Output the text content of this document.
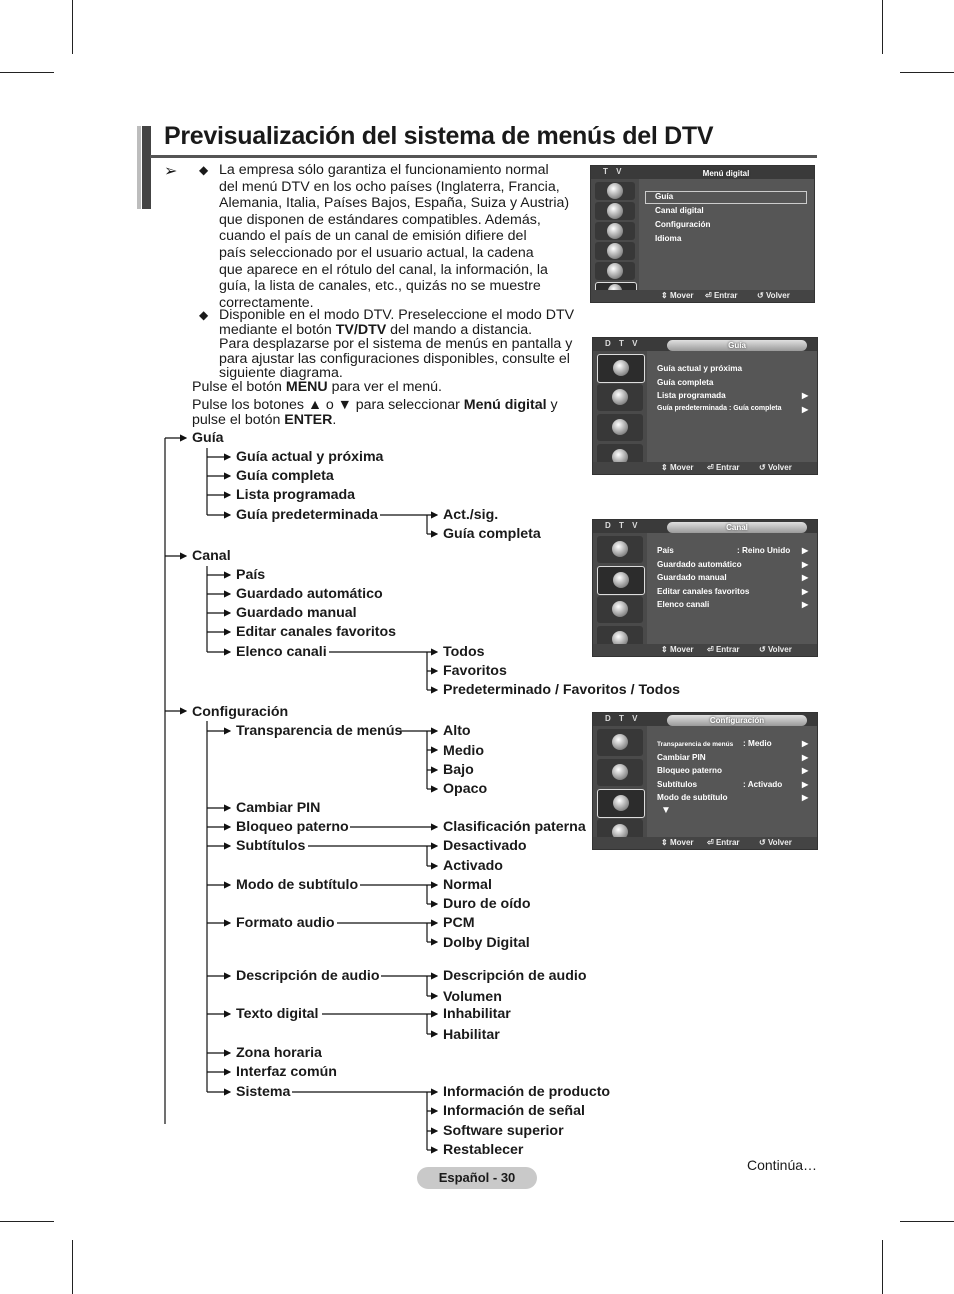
Previsualización del sistema de menús del DTV
➢ ◆ La empresa sólo garantiza el funcionamiento normal
del menú DTV en los ocho países (Inglaterra, Francia,
Alemania, Italia, Países Bajos, España, Suiza y Austria)
que disponen de estándares compatibles. Además,
cuando el país de un canal de emisión difiere del
país seleccionado por el usuario actual, la cadena
que aparece en el rótulo del canal, la información, la
guía, la lista de canales, etc., quizás no se muestre
correctamente.
◆ Disponible en el modo DTV. Preseleccione el modo DTV
mediante el botón TV/DTV del mando a distancia.
Para desplazarse por el sistema de menús en pantalla y
para ajustar las configuraciones disponibles, consulte el
siguiente diagrama.
Pulse el botón MENU para ver el menú.
Pulse los botones ▲ o ▼ para seleccionar Menú digital y
pulse el botón ENTER.
Guía
Guía actual y próxima
Guía completa
Lista programada
Guía predeterminada	Act./sig.
Guía completa
Canal
País
Guardado automático
Guardado manual
Editar canales favoritos
Elenco canali	Todos
Favoritos
Predeterminado / Favoritos / Todos
Configuración
Transparencia de menús	Alto
Medio
Bajo
Opaco
Cambiar PIN
Bloqueo paterno	Clasificación paterna
Subtítulos	Desactivado
Activado
Modo de subtítulo	Normal
Duro de oído
Formato audio	PCM
Dolby Digital
Descripción de audio	Descripción de audio
Volumen
Texto digital	Inhabilitar
Habilitar
Zona horaria
Interfaz común
Sistema	Información de producto
Información de señal
Software superior
Restablecer
T V	Menú digital
Guía
Canal digital
Configuración
Idioma
⇕ Mover ⏎ Entrar ↺ Volver
D T V	Guía
Guía actual y próxima
Guía completa
Lista programada	▶
Guía predeterminada : Guía completa	▶
⇕ Mover ⏎ Entrar ↺ Volver
D T V	Canal
País	: Reino Unido ▶
Guardado automático	▶
Guardado manual	▶
Editar canales favoritos	▶
Elenco canali	▶
⇕ Mover ⏎ Entrar ↺ Volver
D T V	Configuración
Transparencia de menús : Medio	▶
Cambiar PIN	▶
Bloqueo paterno	▶
Subtítulos	: Activado ▶
Modo de subtítulo	▶
▼
⇕ Mover ⏎ Entrar ↺ Volver
Continúa…
Español - 30
